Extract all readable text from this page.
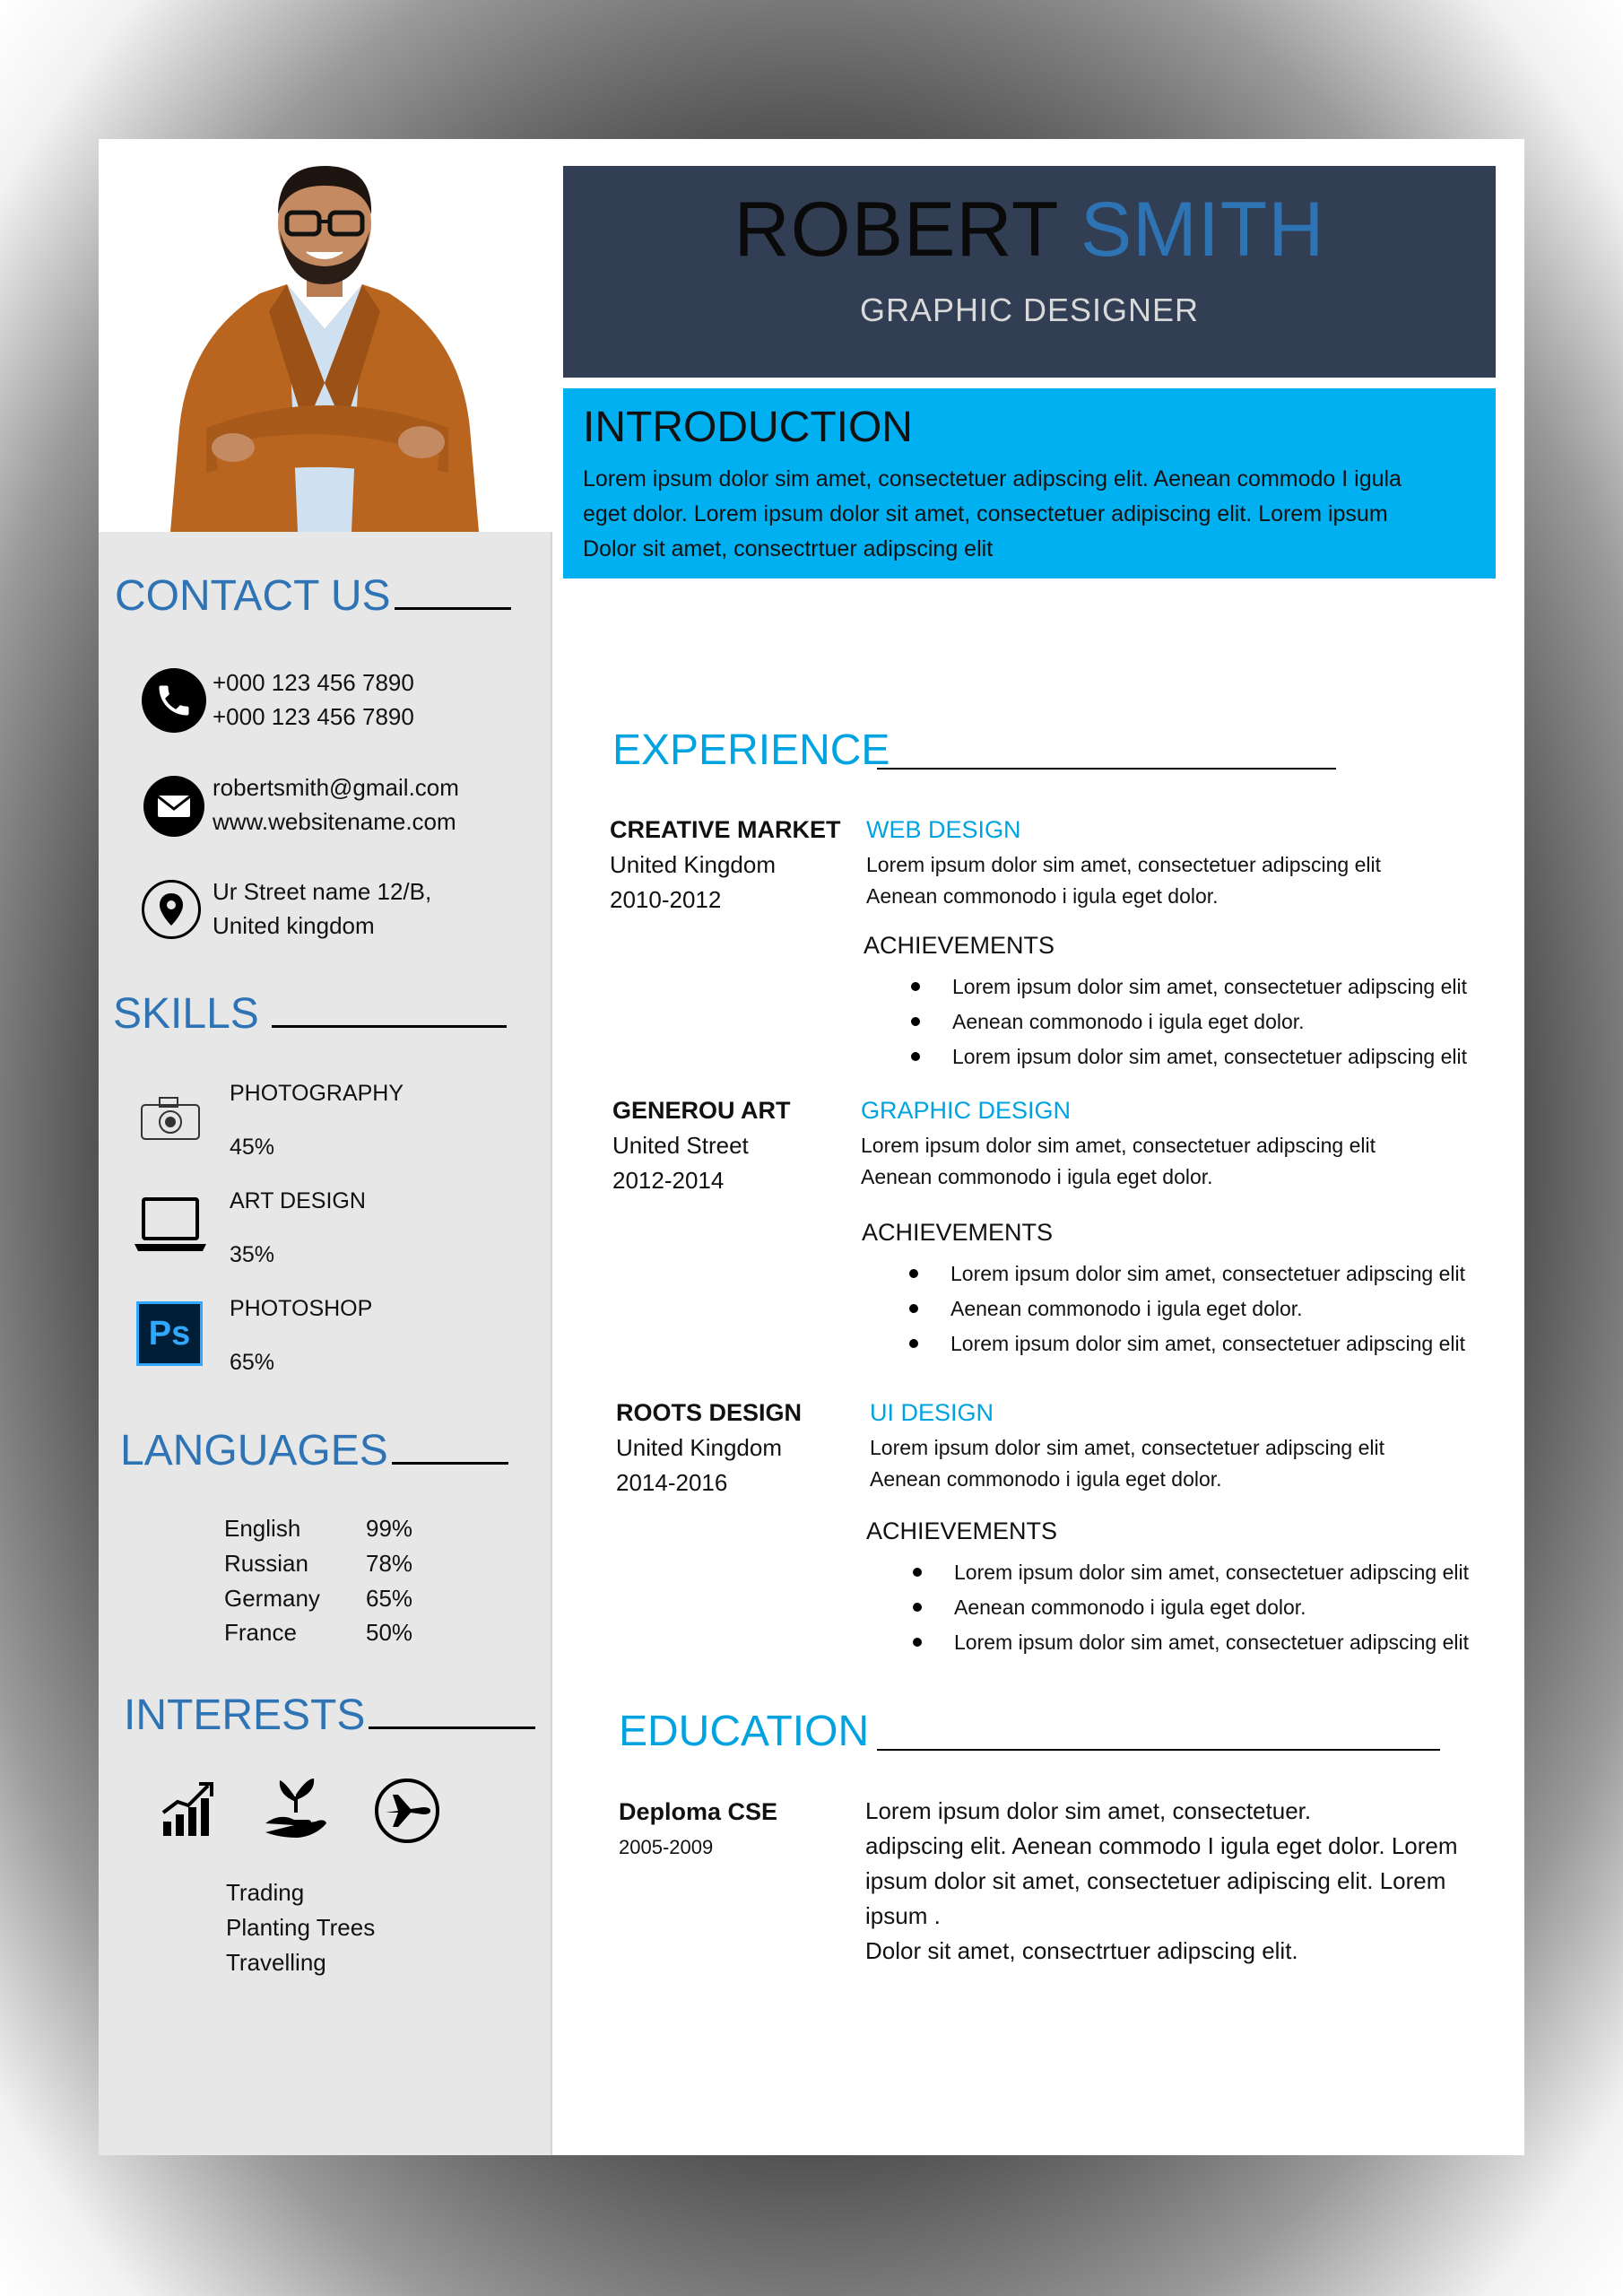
ROBERT SMITH
GRAPHIC DESIGNER
INTRODUCTION
Lorem ipsum dolor sim amet, consectetuer adipscing elit. Aenean commodo I igula
eget dolor. Lorem ipsum dolor sit amet, consectetuer adipiscing elit. Lorem ipsum
Dolor sit amet, consectrtuer adipscing elit
CONTACT US
+000 123 456 7890
+000 123 456 7890
robertsmith@gmail.com
www.websitename.com
Ur Street name 12/B,
United kingdom
SKILLS
PHOTOGRAPHY
45%
ART DESIGN
35%
Ps
PHOTOSHOP
65%
LANGUAGES
English	99%
Russian 78%
Germany 65%
France	50%
INTERESTS
Trading
Planting Trees
Travelling
EXPERIENCE
CREATIVE MARKET
United Kingdom
2010-2012
WEB DESIGN
Lorem ipsum dolor sim amet, consectetuer adipscing elit
Aenean commonodo i igula eget dolor.
ACHIEVEMENTS
Lorem ipsum dolor sim amet, consectetuer adipscing elit
Aenean commonodo i igula eget dolor.
Lorem ipsum dolor sim amet, consectetuer adipscing elit
GENEROU ART
United Street
2012-2014
GRAPHIC DESIGN
Lorem ipsum dolor sim amet, consectetuer adipscing elit
Aenean commonodo i igula eget dolor.
ACHIEVEMENTS
Lorem ipsum dolor sim amet, consectetuer adipscing elit
Aenean commonodo i igula eget dolor.
Lorem ipsum dolor sim amet, consectetuer adipscing elit
ROOTS DESIGN
United Kingdom
2014-2016
UI DESIGN
Lorem ipsum dolor sim amet, consectetuer adipscing elit
Aenean commonodo i igula eget dolor.
ACHIEVEMENTS
Lorem ipsum dolor sim amet, consectetuer adipscing elit
Aenean commonodo i igula eget dolor.
Lorem ipsum dolor sim amet, consectetuer adipscing elit
EDUCATION
Deploma CSE
2005-2009
Lorem ipsum dolor sim amet, consectetuer.
adipscing elit. Aenean commodo I igula eget dolor. Lorem
ipsum dolor sit amet, consectetuer adipiscing elit. Lorem
ipsum .
Dolor sit amet, consectrtuer adipscing elit.
